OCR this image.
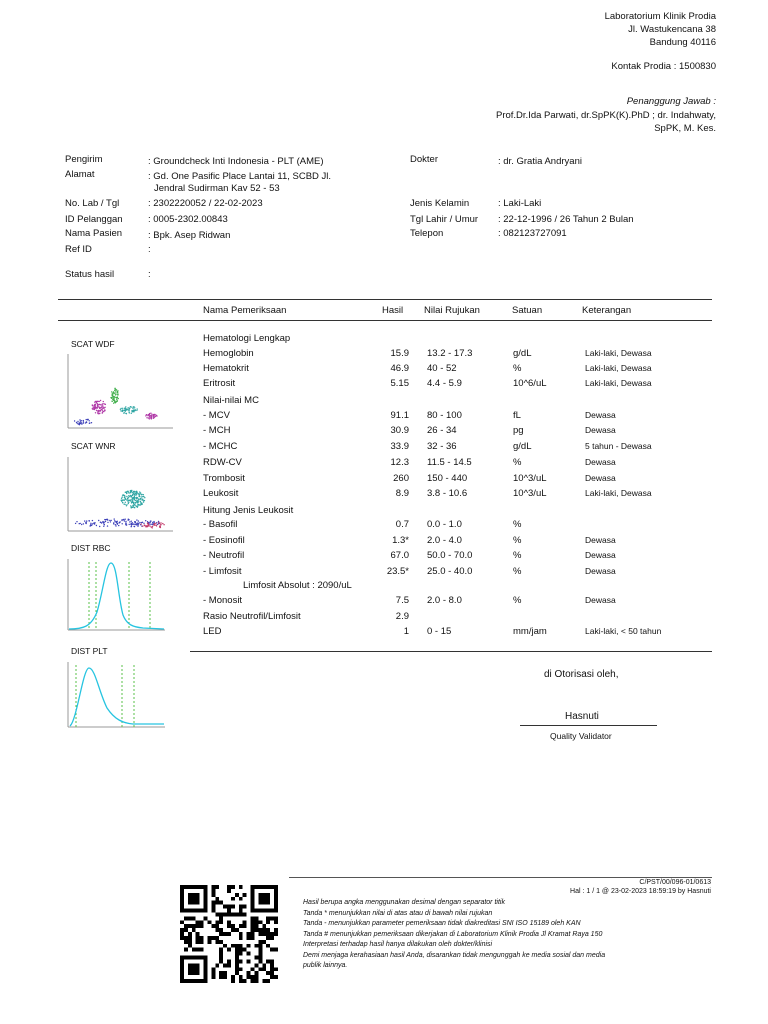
Laboratorium Klinik Prodia
Jl. Wastukencana 38
Bandung 40116
Kontak Prodia : 1500830
Penanggung Jawab :
Prof.Dr.Ida Parwati, dr.SpPK(K).PhD ; dr. Indahwaty,
SpPK, M. Kes.
Pengirim	: Groundcheck Inti Indonesia - PLT (AME)
Alamat	: Gd. One Pasific Place Lantai 11, SCBD Jl.
Jendral Sudirman Kav 52 - 53
No. Lab / Tgl	: 2302220052 / 22-02-2023
ID Pelanggan	: 0005-2302.00843
Nama Pasien	: Bpk. Asep Ridwan
Ref ID	:
Status hasil	:
Dokter	: dr. Gratia Andryani
Jenis Kelamin	: Laki-Laki
Tgl Lahir / Umur : 22-12-1996 / 26 Tahun 2 Bulan
Telepon	: 082123727091
Nama Pemeriksaan	Hasil Nilai Rujukan	Satuan	Keterangan
Hematologi Lengkap
Hemoglobin	15.9 13.2 - 17.3	g/dL	Laki-laki, Dewasa
Hematokrit	46.9 40 - 52	%	Laki-laki, Dewasa
Eritrosit	5.15 4.4 - 5.9	10^6/uL	Laki-laki, Dewasa
Nilai-nilai MC
- MCV	91.1 80 - 100	fL	Dewasa
- MCH	30.9 26 - 34	pg	Dewasa
- MCHC	33.9 32 - 36	g/dL	5 tahun - Dewasa
RDW-CV	12.3 11.5 - 14.5	%	Dewasa
Trombosit	260 150 - 440	10^3/uL	Dewasa
Leukosit	8.9 3.8 - 10.6	10^3/uL	Laki-laki, Dewasa
Hitung Jenis Leukosit
- Basofil	0.7 0.0 - 1.0	%
- Eosinofil	1.3* 2.0 - 4.0	%	Dewasa
- Neutrofil	67.0 50.0 - 70.0	%	Dewasa
- Limfosit	23.5* 25.0 - 40.0	%	Dewasa
Limfosit Absolut : 2090/uL
- Monosit	7.5 2.0 - 8.0	%	Dewasa
Rasio Neutrofil/Limfosit	2.9
LED	1 0 - 15	mm/jam	Laki-laki, < 50 tahun
SCAT WDF
SCAT WNR
DIST RBC
DIST PLT
di Otorisasi oleh,
Hasnuti
Quality Validator
C/PST/00/096-01/0613
Hal : 1 / 1 @ 23-02-2023 18:59:19 by Hasnuti
Hasil berupa angka menggunakan desimal dengan separator titik
Tanda * menunjukkan nilai di atas atau di bawah nilai rujukan
Tanda - menunjukkan parameter pemeriksaan tidak diakreditasi SNI ISO 15189 oleh KAN
Tanda # menunjukkan pemeriksaan dikerjakan di Laboratorium Klinik Prodia Jl Kramat Raya 150
Interpretasi terhadap hasil hanya dilakukan oleh dokter/klinisi
Demi menjaga kerahasiaan hasil Anda, disarankan tidak mengunggah ke media sosial dan media
publik lainnya.
